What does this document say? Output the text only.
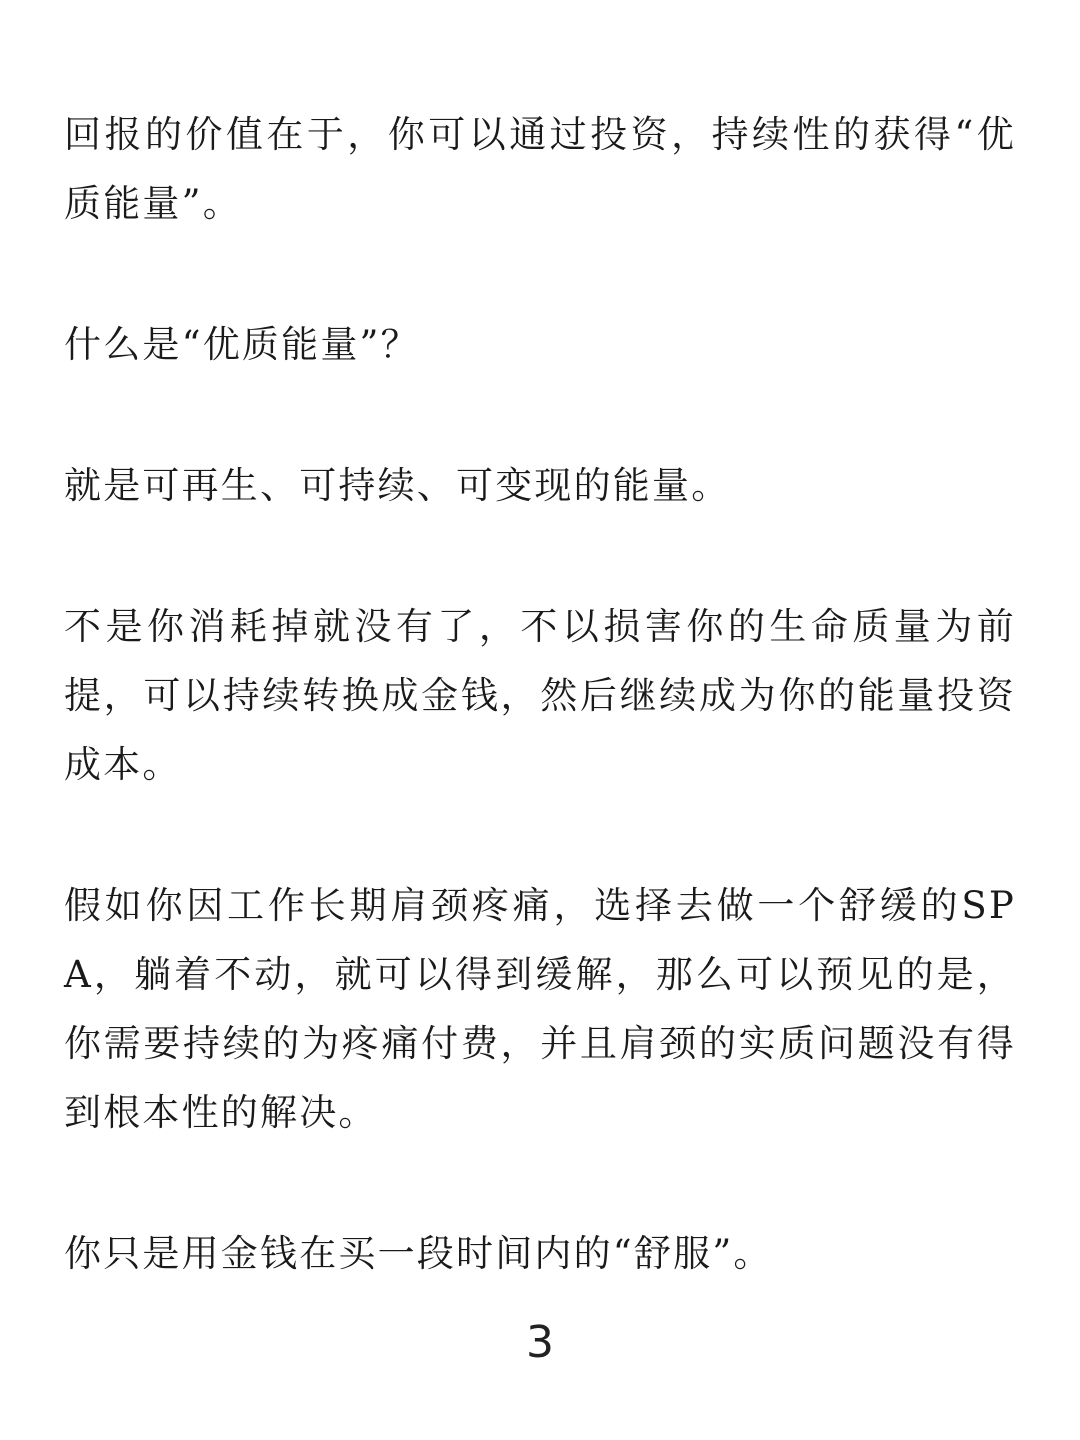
回报的价值在于，你可以通过投资，持续性的获得“优质能量”。

什么是“优质能量”？

就是可再生、可持续、可变现的能量。

不是你消耗掉就没有了，不以损害你的生命质量为前提，可以持续转换成金钱，然后继续成为你的能量投资成本。

假如你因工作长期肩颈疼痛，选择去做一个舒缓的SPA，躺着不动，就可以得到缓解，那么可以预见的是，你需要持续的为疼痛付费，并且肩颈的实质问题没有得到根本性的解决。

你只是用金钱在买一段时间内的“舒服”。

3
